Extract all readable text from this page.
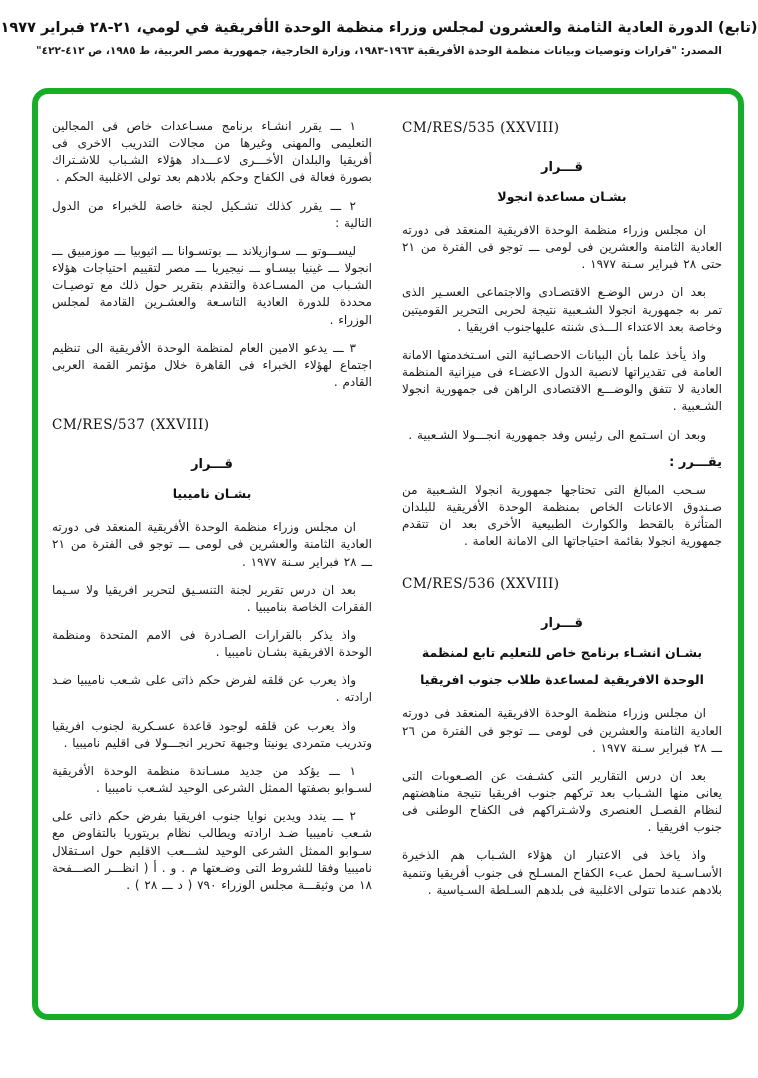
(تابع) الدورة العادية الثامنة والعشرون لمجلس وزراء منظمة الوحدة الأفريقية في لومي، ٢١-٢٨ فبراير ١٩٧٧
المصدر: "قرارات وتوصيات وبيانات منظمة الوحدة الأفريقية ١٩٦٣-١٩٨٣، وزارة الخارجية، جمهورية مصر العربية، ط ١٩٨٥، ص ٤١٢-٤٢٢"
CM/RES/535 (XXVIII)
قـــرار
بشـان مساعدة انجولا

ان مجلس وزراء منظمة الوحدة الافريقية المنعقد فى دورته العادية الثامنة والعشرين فى لومى ـــ توجو فى الفترة من ٢١ حتى ٢٨ فبراير سـنة ١٩٧٧ .

بعد ان درس الوضـع الاقتصـادى والاجتماعى العسـير الذى تمر به جمهورية انجولا الشـعبية نتيجة لحربى التحرير القوميتين وخاصة بعد الاعتداء الـــذى شنته عليهاجنوب افريقيا .

واذ يأخذ علما بأن البيانات الاحصـائية التى اسـتخدمتها الامانة العامة فى تقديراتها لانصبة الدول الاعضـاء فى ميزانية المنظمة العادية لا تتفق والوضـــع الاقتصادى الراهن فى جمهورية انجولا الشـعبية .

وبعد ان اسـتمع الى رئيس وفد جمهورية انجـــولا الشـعبية .

يقـــرر :

سـحب المبالغ التى تحتاجها جمهورية انجولا الشـعبية من صـندوق الاعانات الخاص بمنظمة الوحدة الأفريقية للبلدان المتأثرة بالقحط والكوارث الطبيعية الأخرى بعد ان تتقدم جمهورية انجولا بقائمة احتياجاتها الى الامانة العامة .

CM/RES/536 (XXVIII)
قـــرار
بشـان انشـاء برنامج خاص للتعليم تابع لمنظمة
الوحدة الافريقية لمساعدة طلاب جنوب افريقيا

ان مجلس وزراء منظمة الوحدة الافريقية المنعقد فى دورته العادية الثامنة والعشرين فى لومى ـــ توجو فى الفترة من ٢٦ ـــ ٢٨ فبراير سـنة ١٩٧٧ .

بعد ان درس التقارير التى كشـفت عن الصـعوبات التى يعانى منها الشـباب بعد تركهم جنوب افريقيا نتيجة مناهضتهم لنظام الفصـل العنصرى ولاشـتراكهم فى الكفاح الوطنى فى جنوب افريقيا .

واذ ياخذ فى الاعتبار ان هؤلاء الشـباب هم الذخيرة الأسـاسـية لحمل عبء الكفاح المسـلح فى جنوب أفريقيا وتنمية بلادهم عندما تتولى الاغلبية فى بلدهم السـلطة السـياسية .

١ ـــ يقرر انشـاء برنامج مسـاعدات خاص فى المجالين التعليمى والمهنى وغيرها من مجالات التدريب الاخرى فى أفريقيا والبلدان الأخـــرى لاعـــداد هؤلاء الشـباب للاشـتراك بصورة فعالة فى الكفاح وحكم بلادهم بعد تولى الاغلبية الحكم .

٢ ـــ يقرر كذلك تشـكيل لجنة خاصة للخبراء من الدول التالية :

ليســـوتو ـــ سـوازيلاند ـــ بوتسـوانا ـــ اثيوبيا ـــ موزمبيق ـــ انجولا ـــ غينيا بيسـاو ـــ نيجيريا ـــ مصر لتقييم احتياجات هؤلاء الشـباب من المسـاعدة والتقدم بتقرير حول ذلك مع توصيـات محددة للدورة العادية التاسـعة والعشـرين القادمة لمجلس الوزراء .

٣ ـــ يدعو الامين العام لمنظمة الوحدة الأفريقية الى تنظيم اجتماع لهؤلاء الخبراء فى القاهرة خلال مؤتمر القمة العربى القادم .

CM/RES/537 (XXVIII)
قـــرار
بشـان ناميبيا

ان مجلس وزراء منظمة الوحدة الأفريقية المنعقد فى دورته العادية الثامنة والعشرين فى لومى ـــ توجو فى الفترة من ٢١ ـــ ٢٨ فبراير سـنة ١٩٧٧ .

بعد ان درس تقرير لجنة التنسـيق لتحرير افريقيا ولا سـيما الفقرات الخاصة بناميبيا .

واذ يذكر بالقرارات الصـادرة فى الامم المتحدة ومنظمة الوحدة الافريقية بشـان ناميبيا .

واذ يعرب عن قلقه لفرض حكم ذاتى على شـعب ناميبيا ضـد ارادته .

واذ يعرب عن قلقه لوجود قاعدة عسـكرية لجنوب افريقيا وتدريب متمردى يونيتا وجبهة تحرير انجـــولا فى اقليم ناميبيا .

١ ـــ يؤكد من جديد مسـاندة منظمة الوحدة الأفريقية لسـوابو بصفتها الممثل الشرعى الوحيد لشـعب ناميبيا .

٢ ـــ يندد ويدين نوايا جنوب افريقيا بفرض حكم ذاتى على شـعب ناميبيا ضـد ارادته ويطالب نظام بريتوريا بالتفاوض مع سـوابو الممثل الشرعى الوحيد لشـــعب الاقليم حول اسـتقلال ناميبيا وفقا للشروط التى وضـعتها م . و . أ ( انظـــر الصـــفحة ١٨ من وثيقـــة مجلس الوزراء ٧٩٠ ( د ـــ ٢٨ ) .
